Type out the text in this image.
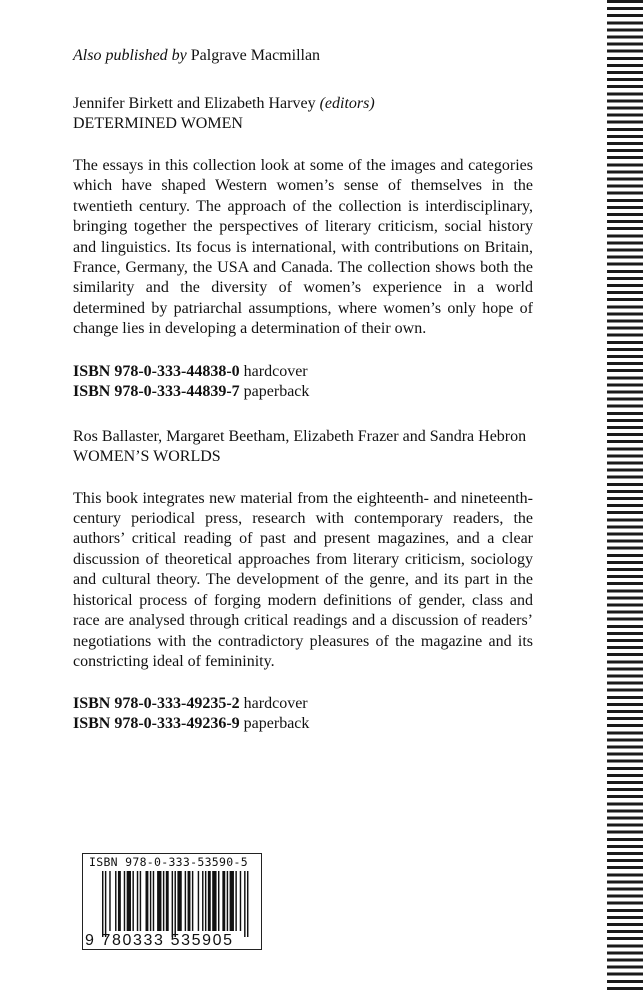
Also published by Palgrave Macmillan

Jennifer Birkett and Elizabeth Harvey (editors)

DETERMINED WOMEN

The essays in this collection look at some of the images and categories which have shaped Western women’s sense of themselves in the twentieth century. The approach of the collection is interdisciplinary, bringing together the perspectives of literary criticism, social history and linguistics. Its focus is international, with contributions on Britain, France, Germany, the USA and Canada. The collection shows both the similarity and the diversity of women’s experience in a world determined by patriarchal assumptions, where women’s only hope of change lies in developing a determination of their own.

ISBN 978-0-333-44838-0 hardcover

ISBN 978-0-333-44839-7 paperback

Ros Ballaster, Margaret Beetham, Elizabeth Frazer and Sandra Hebron

WOMEN’S WORLDS

This book integrates new material from the eighteenth- and nineteenth-century periodical press, research with contemporary readers, the authors’ critical reading of past and present magazines, and a clear discussion of theoretical approaches from literary criticism, sociology and cultural theory. The development of the genre, and its part in the historical process of forging modern definitions of gender, class and race are analysed through critical readings and a discussion of readers’ negotiations with the contradictory pleasures of the magazine and its constricting ideal of femininity.

ISBN 978-0-333-49235-2 hardcover

ISBN 978-0-333-49236-9 paperback

ISBN 978-0-333-53590-5
9 780333 535905
